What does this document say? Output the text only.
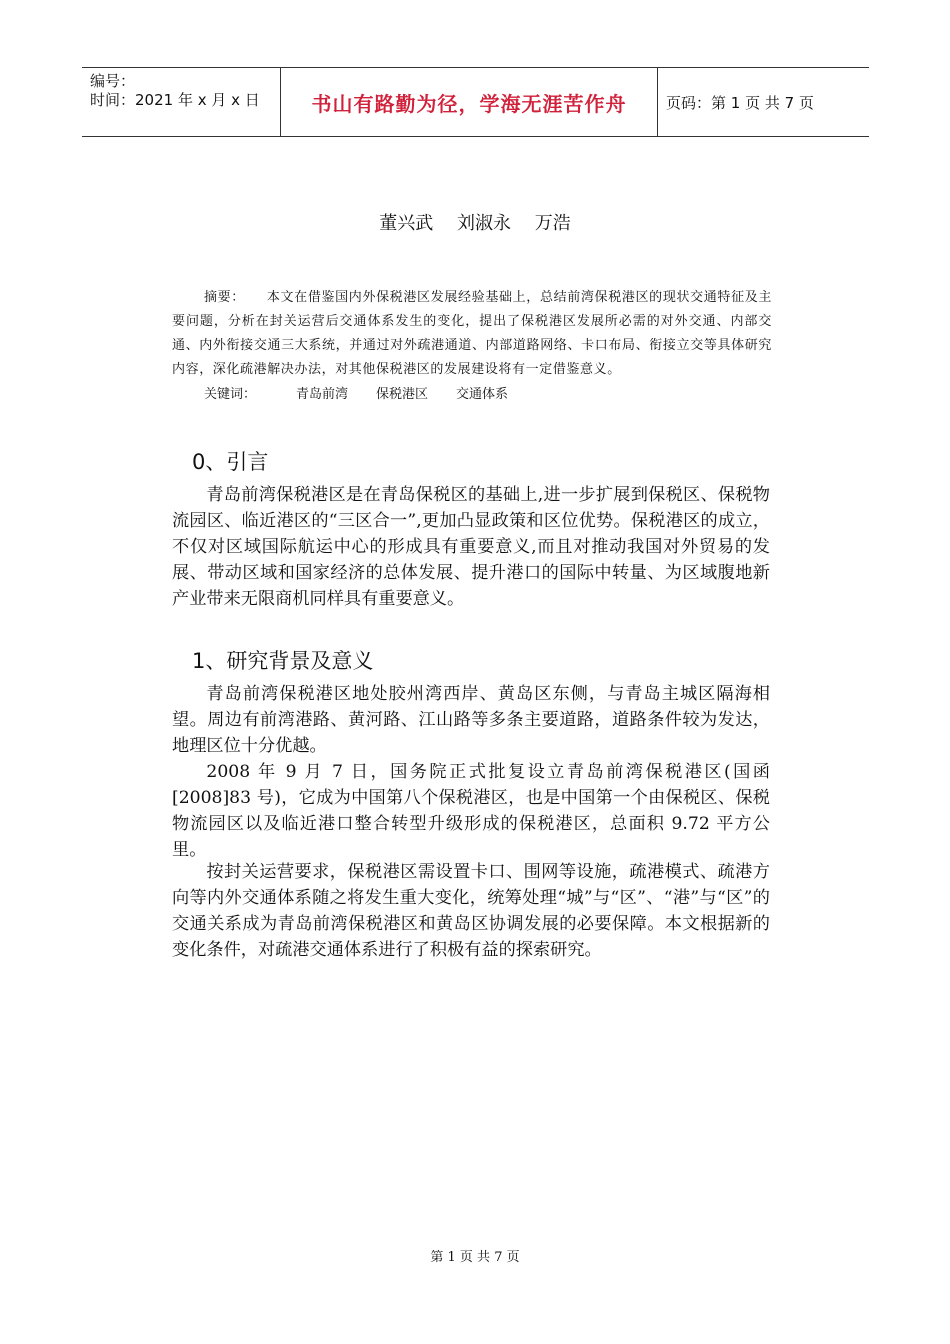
编号：
时间：2021 年 x 月 x 日	书山有路勤为径，学海无涯苦作舟	页码：第 1 页 共 7 页
董兴武 刘淑永 万浩
摘要： 本文在借鉴国内外保税港区发展经验基础上，总结前湾保税港区的现状交通特征及主要问题，分析在封关运营后交通体系发生的变化，提出了保税港区发展所必需的对外交通、内部交通、内外衔接交通三大系统，并通过对外疏港通道、内部道路网络、卡口布局、衔接立交等具体研究内容，深化疏港解决办法，对其他保税港区的发展建设将有一定借鉴意义。
关键词：	青岛前湾 保税港区 交通体系
0、引言
青岛前湾保税港区是在青岛保税区的基础上,进一步扩展到保税区、保税物流园区、临近港区的“三区合一”,更加凸显政策和区位优势。保税港区的成立，不仅对区域国际航运中心的形成具有重要意义,而且对推动我国对外贸易的发展、带动区域和国家经济的总体发展、提升港口的国际中转量、为区域腹地新产业带来无限商机同样具有重要意义。
1、研究背景及意义
青岛前湾保税港区地处胶州湾西岸、黄岛区东侧，与青岛主城区隔海相望。周边有前湾港路、黄河路、江山路等多条主要道路，道路条件较为发达，地理区位十分优越。
2008 年 9 月 7 日，国务院正式批复设立青岛前湾保税港区(国函[2008]83 号)，它成为中国第八个保税港区，也是中国第一个由保税区、保税物流园区以及临近港口整合转型升级形成的保税港区，总面积 9.72 平方公里。
按封关运营要求，保税港区需设置卡口、围网等设施，疏港模式、疏港方向等内外交通体系随之将发生重大变化，统筹处理“城”与“区”、“港”与“区”的交通关系成为青岛前湾保税港区和黄岛区协调发展的必要保障。本文根据新的变化条件，对疏港交通体系进行了积极有益的探索研究。
第 1 页 共 7 页
